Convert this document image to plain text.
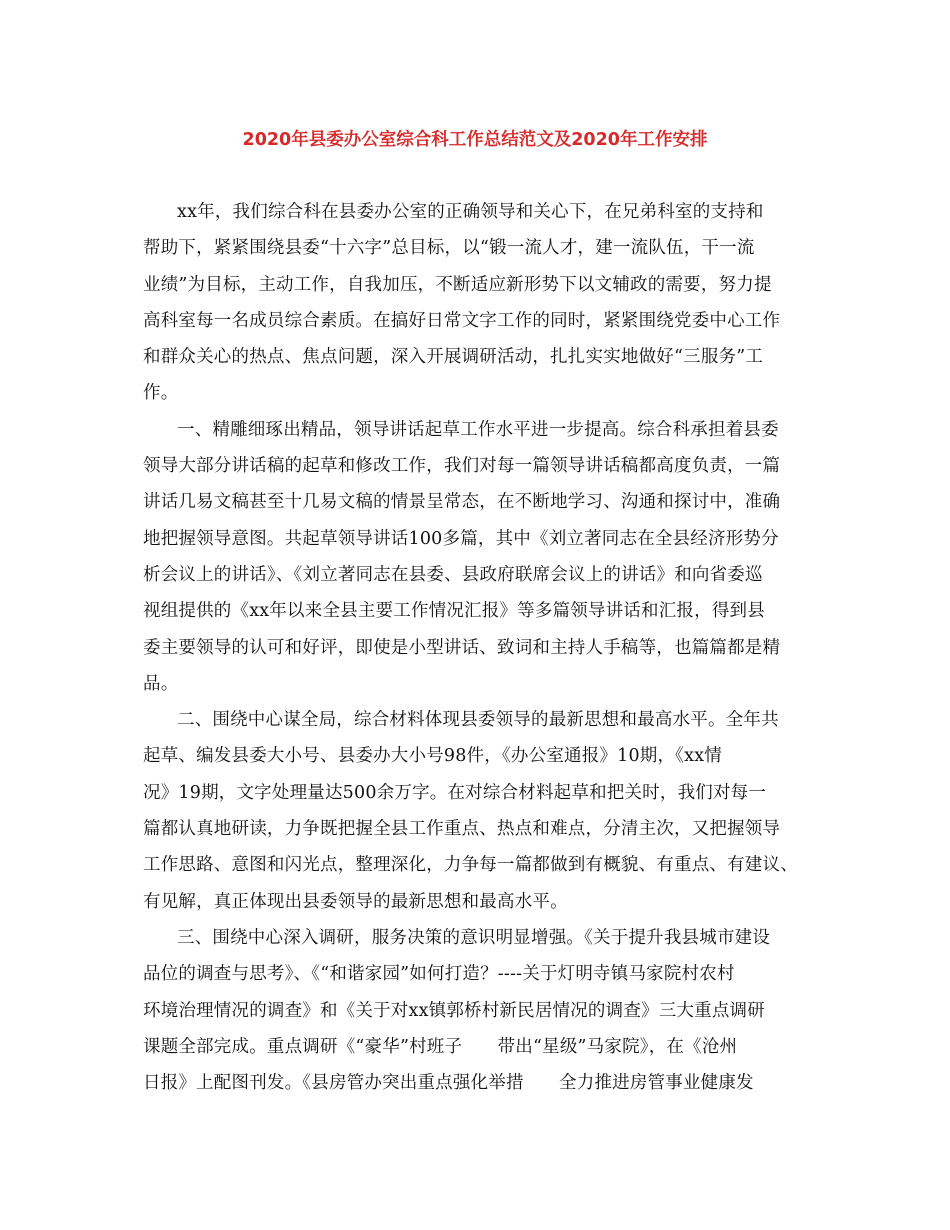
2020年县委办公室综合科工作总结范文及2020年工作安排
xx年，我们综合科在县委办公室的正确领导和关心下，在兄弟科室的支持和
帮助下，紧紧围绕县委“十六字”总目标，以“锻一流人才，建一流队伍，干一流
业绩”为目标，主动工作，自我加压，不断适应新形势下以文辅政的需要，努力提
高科室每一名成员综合素质。在搞好日常文字工作的同时，紧紧围绕党委中心工作
和群众关心的热点、焦点问题，深入开展调研活动，扎扎实实地做好“三服务”工
作。
一、精雕细琢出精品，领导讲话起草工作水平进一步提高。综合科承担着县委
领导大部分讲话稿的起草和修改工作，我们对每一篇领导讲话稿都高度负责，一篇
讲话几易文稿甚至十几易文稿的情景呈常态，在不断地学习、沟通和探讨中，准确
地把握领导意图。共起草领导讲话100多篇，其中《刘立著同志在全县经济形势分
析会议上的讲话》、《刘立著同志在县委、县政府联席会议上的讲话》和向省委巡
视组提供的《xx年以来全县主要工作情况汇报》等多篇领导讲话和汇报，得到县
委主要领导的认可和好评，即使是小型讲话、致词和主持人手稿等，也篇篇都是精
品。
二、围绕中心谋全局，综合材料体现县委领导的最新思想和最高水平。全年共
起草、编发县委大小号、县委办大小号98件，《办公室通报》10期，《xx情
况》19期，文字处理量达500余万字。在对综合材料起草和把关时，我们对每一
篇都认真地研读，力争既把握全县工作重点、热点和难点，分清主次，又把握领导
工作思路、意图和闪光点，整理深化，力争每一篇都做到有概貌、有重点、有建议、
有见解，真正体现出县委领导的最新思想和最高水平。
三、围绕中心深入调研，服务决策的意识明显增强。《关于提升我县城市建设
品位的调查与思考》、《“和谐家园”如何打造？----关于灯明寺镇马家院村农村
环境治理情况的调查》和《关于对xx镇郭桥村新民居情况的调查》三大重点调研
课题全部完成。重点调研《“豪华”村班子　　带出“星级”马家院》，在《沧州
日报》上配图刊发。《县房管办突出重点强化举措　　全力推进房管事业健康发
